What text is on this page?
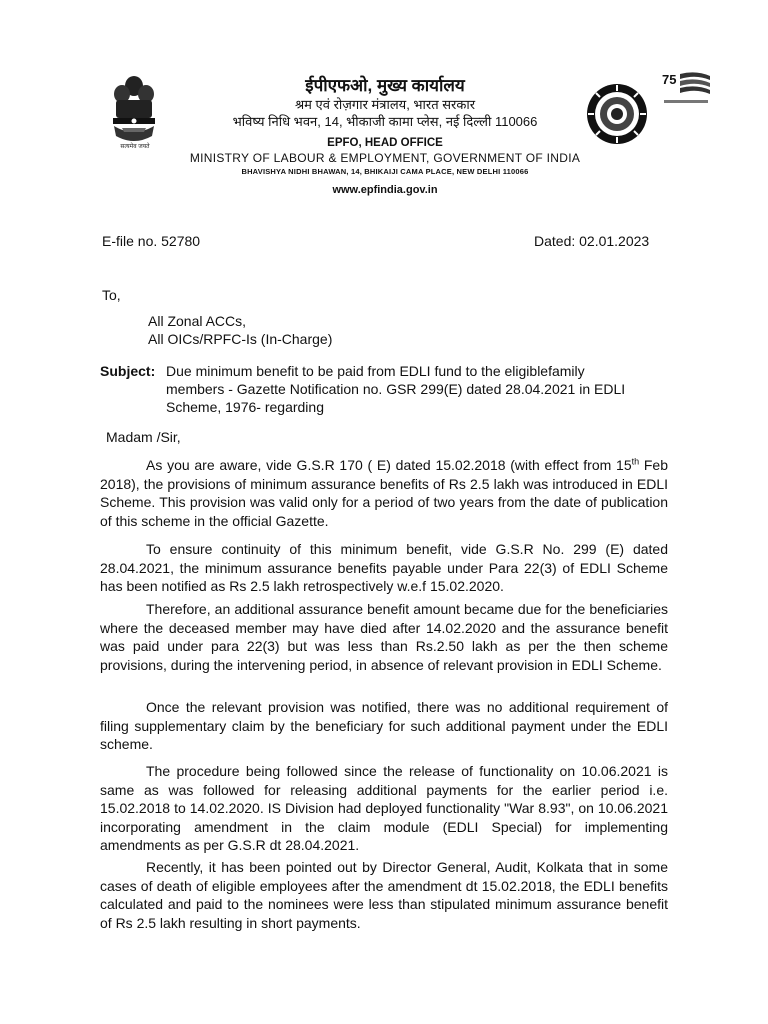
सत्यमेव जयते
ईपीएफओ, मुख्य कार्यालय
श्रम एवं रोज़गार मंत्रालय, भारत सरकार
भविष्य निधि भवन, 14, भीकाजी कामा प्लेस, नई दिल्ली 110066
EPFO, HEAD OFFICE
MINISTRY OF LABOUR & EMPLOYMENT, GOVERNMENT OF INDIA
BHAVISHYA NIDHI BHAWAN, 14, BHIKAIJI CAMA PLACE, NEW DELHI 110066
www.epfindia.gov.in
75
E-file no. 52780	Dated: 02.01.2023
To,
All Zonal ACCs,
All OICs/RPFC-Is (In-Charge)
Subject: Due minimum benefit to be paid from EDLI fund to the eligiblefamily
members - Gazette Notification no. GSR 299(E) dated 28.04.2021 in EDLI
Scheme, 1976- regarding
Madam /Sir,
As you are aware, vide G.S.R 170 ( E) dated 15.02.2018 (with effect from 15th Feb 2018), the provisions of minimum assurance benefits of Rs 2.5 lakh was introduced in EDLI Scheme. This provision was valid only for a period of two years from the date of publication of this scheme in the official Gazette.
To ensure continuity of this minimum benefit, vide G.S.R No. 299 (E) dated 28.04.2021, the minimum assurance benefits payable under Para 22(3) of EDLI Scheme has been notified as Rs 2.5 lakh retrospectively w.e.f 15.02.2020.
Therefore, an additional assurance benefit amount became due for the beneficiaries where the deceased member may have died after 14.02.2020 and the assurance benefit was paid under para 22(3) but was less than Rs.2.50 lakh as per the then scheme provisions, during the intervening period, in absence of relevant provision in EDLI Scheme.
Once the relevant provision was notified, there was no additional requirement of filing supplementary claim by the beneficiary for such additional payment under the EDLI scheme.
The procedure being followed since the release of functionality on 10.06.2021 is same as was followed for releasing additional payments for the earlier period i.e. 15.02.2018 to 14.02.2020. IS Division had deployed functionality "War 8.93", on 10.06.2021 incorporating amendment in the claim module (EDLI Special) for implementing amendments as per G.S.R dt 28.04.2021.
Recently, it has been pointed out by Director General, Audit, Kolkata that in some cases of death of eligible employees after the amendment dt 15.02.2018, the EDLI benefits calculated and paid to the nominees were less than stipulated minimum assurance benefit of Rs 2.5 lakh resulting in short payments.
